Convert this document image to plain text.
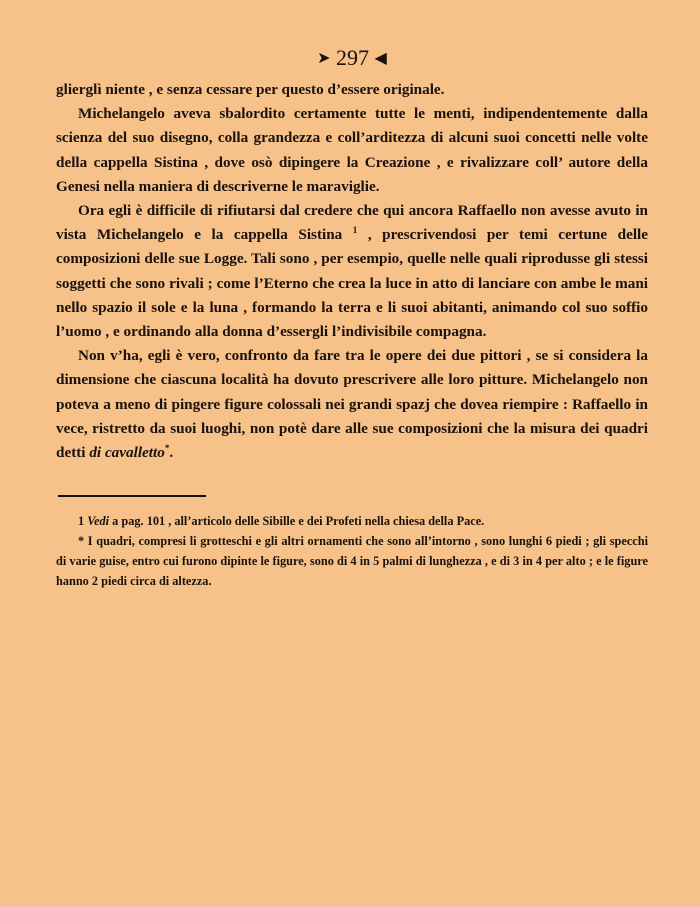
➤ 297 ◀

glierglì niente , e senza cessare per questo d’essere originale.

Michelangelo aveva sbalordito certamente tutte le menti, indipendentemente dalla scienza del suo disegno, colla grandezza e coll’arditezza di alcuni suoi concetti nelle volte della cappella Sistina , dove osò dipingere la Creazione , e rivalizzare coll’ autore della Genesi nella maniera di descriverne le maraviglie.

Ora egli è difficile di rifiutarsi dal credere che qui ancora Raffaello non avesse avuto in vista Michelangelo e la cappella Sistina $^1$ , prescrivendosi per temi certune delle composizioni delle sue Logge. Tali sono , per esempio, quelle nelle quali riprodusse gli stessi soggetti che sono rivali ; come l’Eterno che crea la luce in atto di lanciare con ambe le mani nello spazio il sole e la luna , formando la terra e li suoi abitanti, animando col suo soffio l’uomo , e ordinando alla donna d’essergli l’indivisibile compagna.

Non v’ha, egli è vero, confronto da fare tra le opere dei due pittori , se si considera la dimensione che ciascuna località ha dovuto prescrivere alle loro pitture. Michelangelo non poteva a meno di pingere figure colossali nei grandi spazj che dovea riempire : Raffaello in vece, ristretto da suoi luoghi, non potè dare alle sue composizioni che la misura dei quadri detti di cavalletto*.

1 Vedi a pag. 101 , all’articolo delle Sibille e dei Profeti nella chiesa della Pace.

* I quadri, compresi li grotteschi e gli altri ornamenti che sono all’intorno , sono lunghi 6 piedi ; gli specchi di varie guise, entro cui furono dipinte le figure, sono di 4 in 5 palmi di lunghezza , e di 3 in 4 per alto ; e le figure hanno 2 piedi circa di altezza.
